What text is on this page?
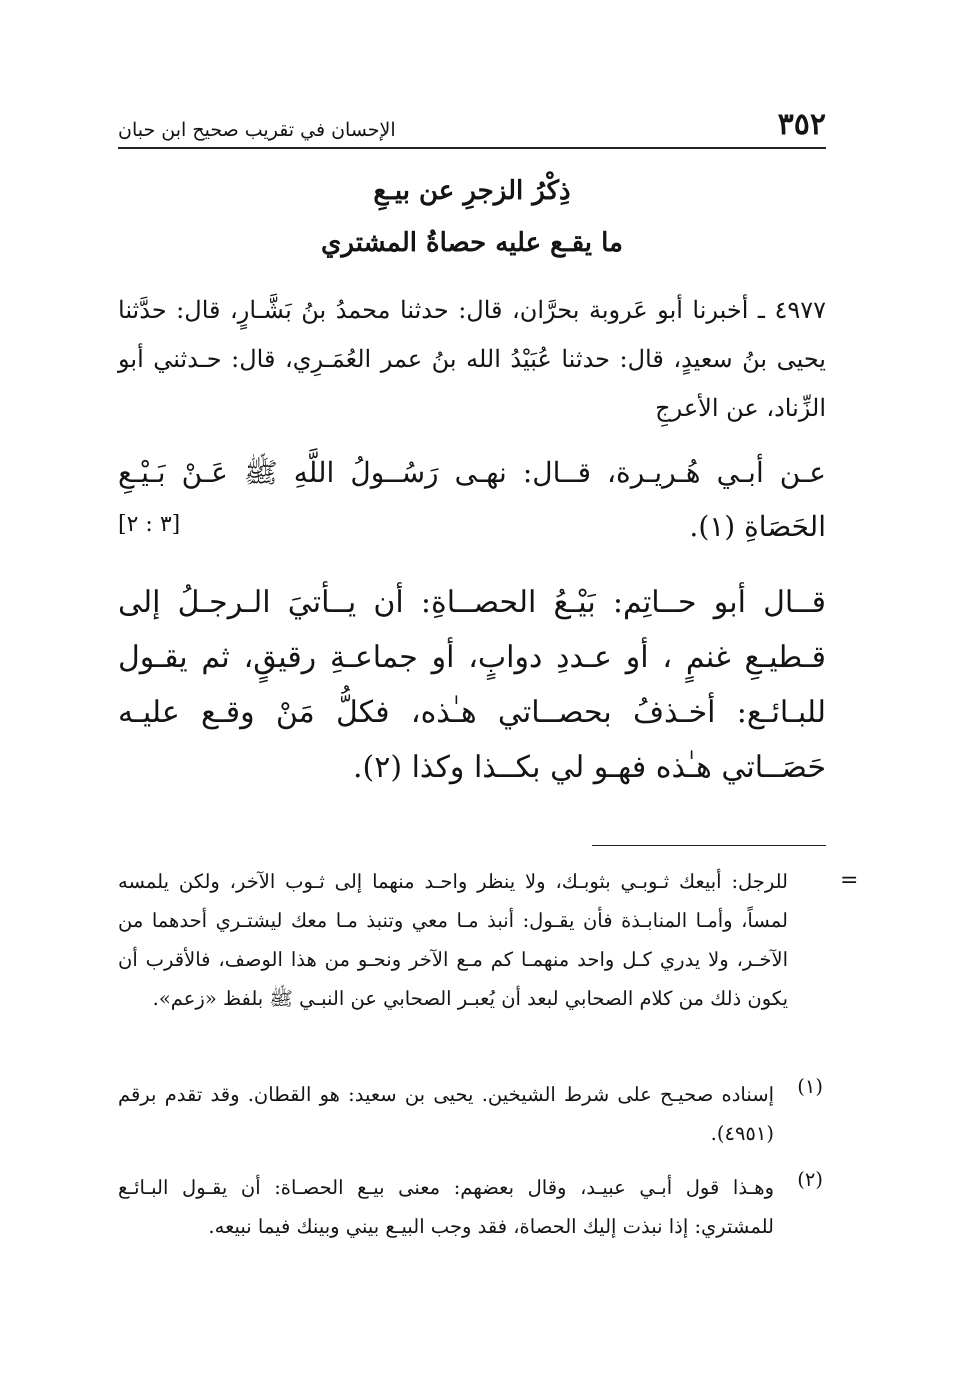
٣٥٢
الإحسان في تقريب صحيح ابن حبان
ذِكْرُ الزجرِ عن بيـعِ
ما يقـع عليه حصاةُ المشتري

٤٩٧٧ ـ أخبرنا أبو عَروبة بحرَّان، قال: حدثنا محمدُ بنُ بَشَّـارٍ، قال: حدَّثنا يحيى بنُ سعيدٍ، قال: حدثنا عُبَيْدُ الله بنُ عمر العُمَـرِي، قال: حـدثني أبو الزِّناد، عن الأعرجِ

عـن أبـي هُـريـرة، قــال: نهـى رَسُــولُ اللَّهِ ﷺ عَـنْ بَـيْـعِ الحَصَاةِ (١).

[٣ : ٢]

قــال أبو حــاتِم: بَيْـعُ الحصــاةِ: أن يــأتيَ الـرجـلُ إلى قـطيـعِ غنمٍ ، أو عـددِ دوابٍ، أو جماعـةِ رقيقٍ، ثم يقـول للبـائـع: أخـذفُ بحصــاتي هـٰذه، فكلُّ مَنْ وقـع عليـه حَصَــاتي هـٰذه فهـو لي بكــذا وكذا (٢).

=

للرجل: أبيعك ثـوبـي بثوبـك، ولا ينظر واحـد منهما إلى ثـوب الآخر، ولكن يلمسه لمساً، وأمـا المنابـذة فأن يقـول: أنبذ مـا معي وتنبذ مـا معك ليشتـري أحدهما من الآخـر، ولا يدري كـل واحد منهمـا كم مـع الآخر ونحـو من هذا الوصف، فالأقرب أن يكون ذلك من كلام الصحابي لبعد أن يُعبـر الصحابي عن النبـي ﷺ بلفظ «زعم».

(١)

إسناده صحيـح على شرط الشيخين. يحيى بن سعيد: هو القطان. وقد تقدم برقم (٤٩٥١).

(٢)

وهـذا قول أبـي عبيـد، وقال بعضهم: معنى بيـع الحصـاة: أن يقـول البـائـع للمشتري: إذا نبذت إليك الحصاة، فقد وجب البيـع بيني وبينك فيما نبيعه.
